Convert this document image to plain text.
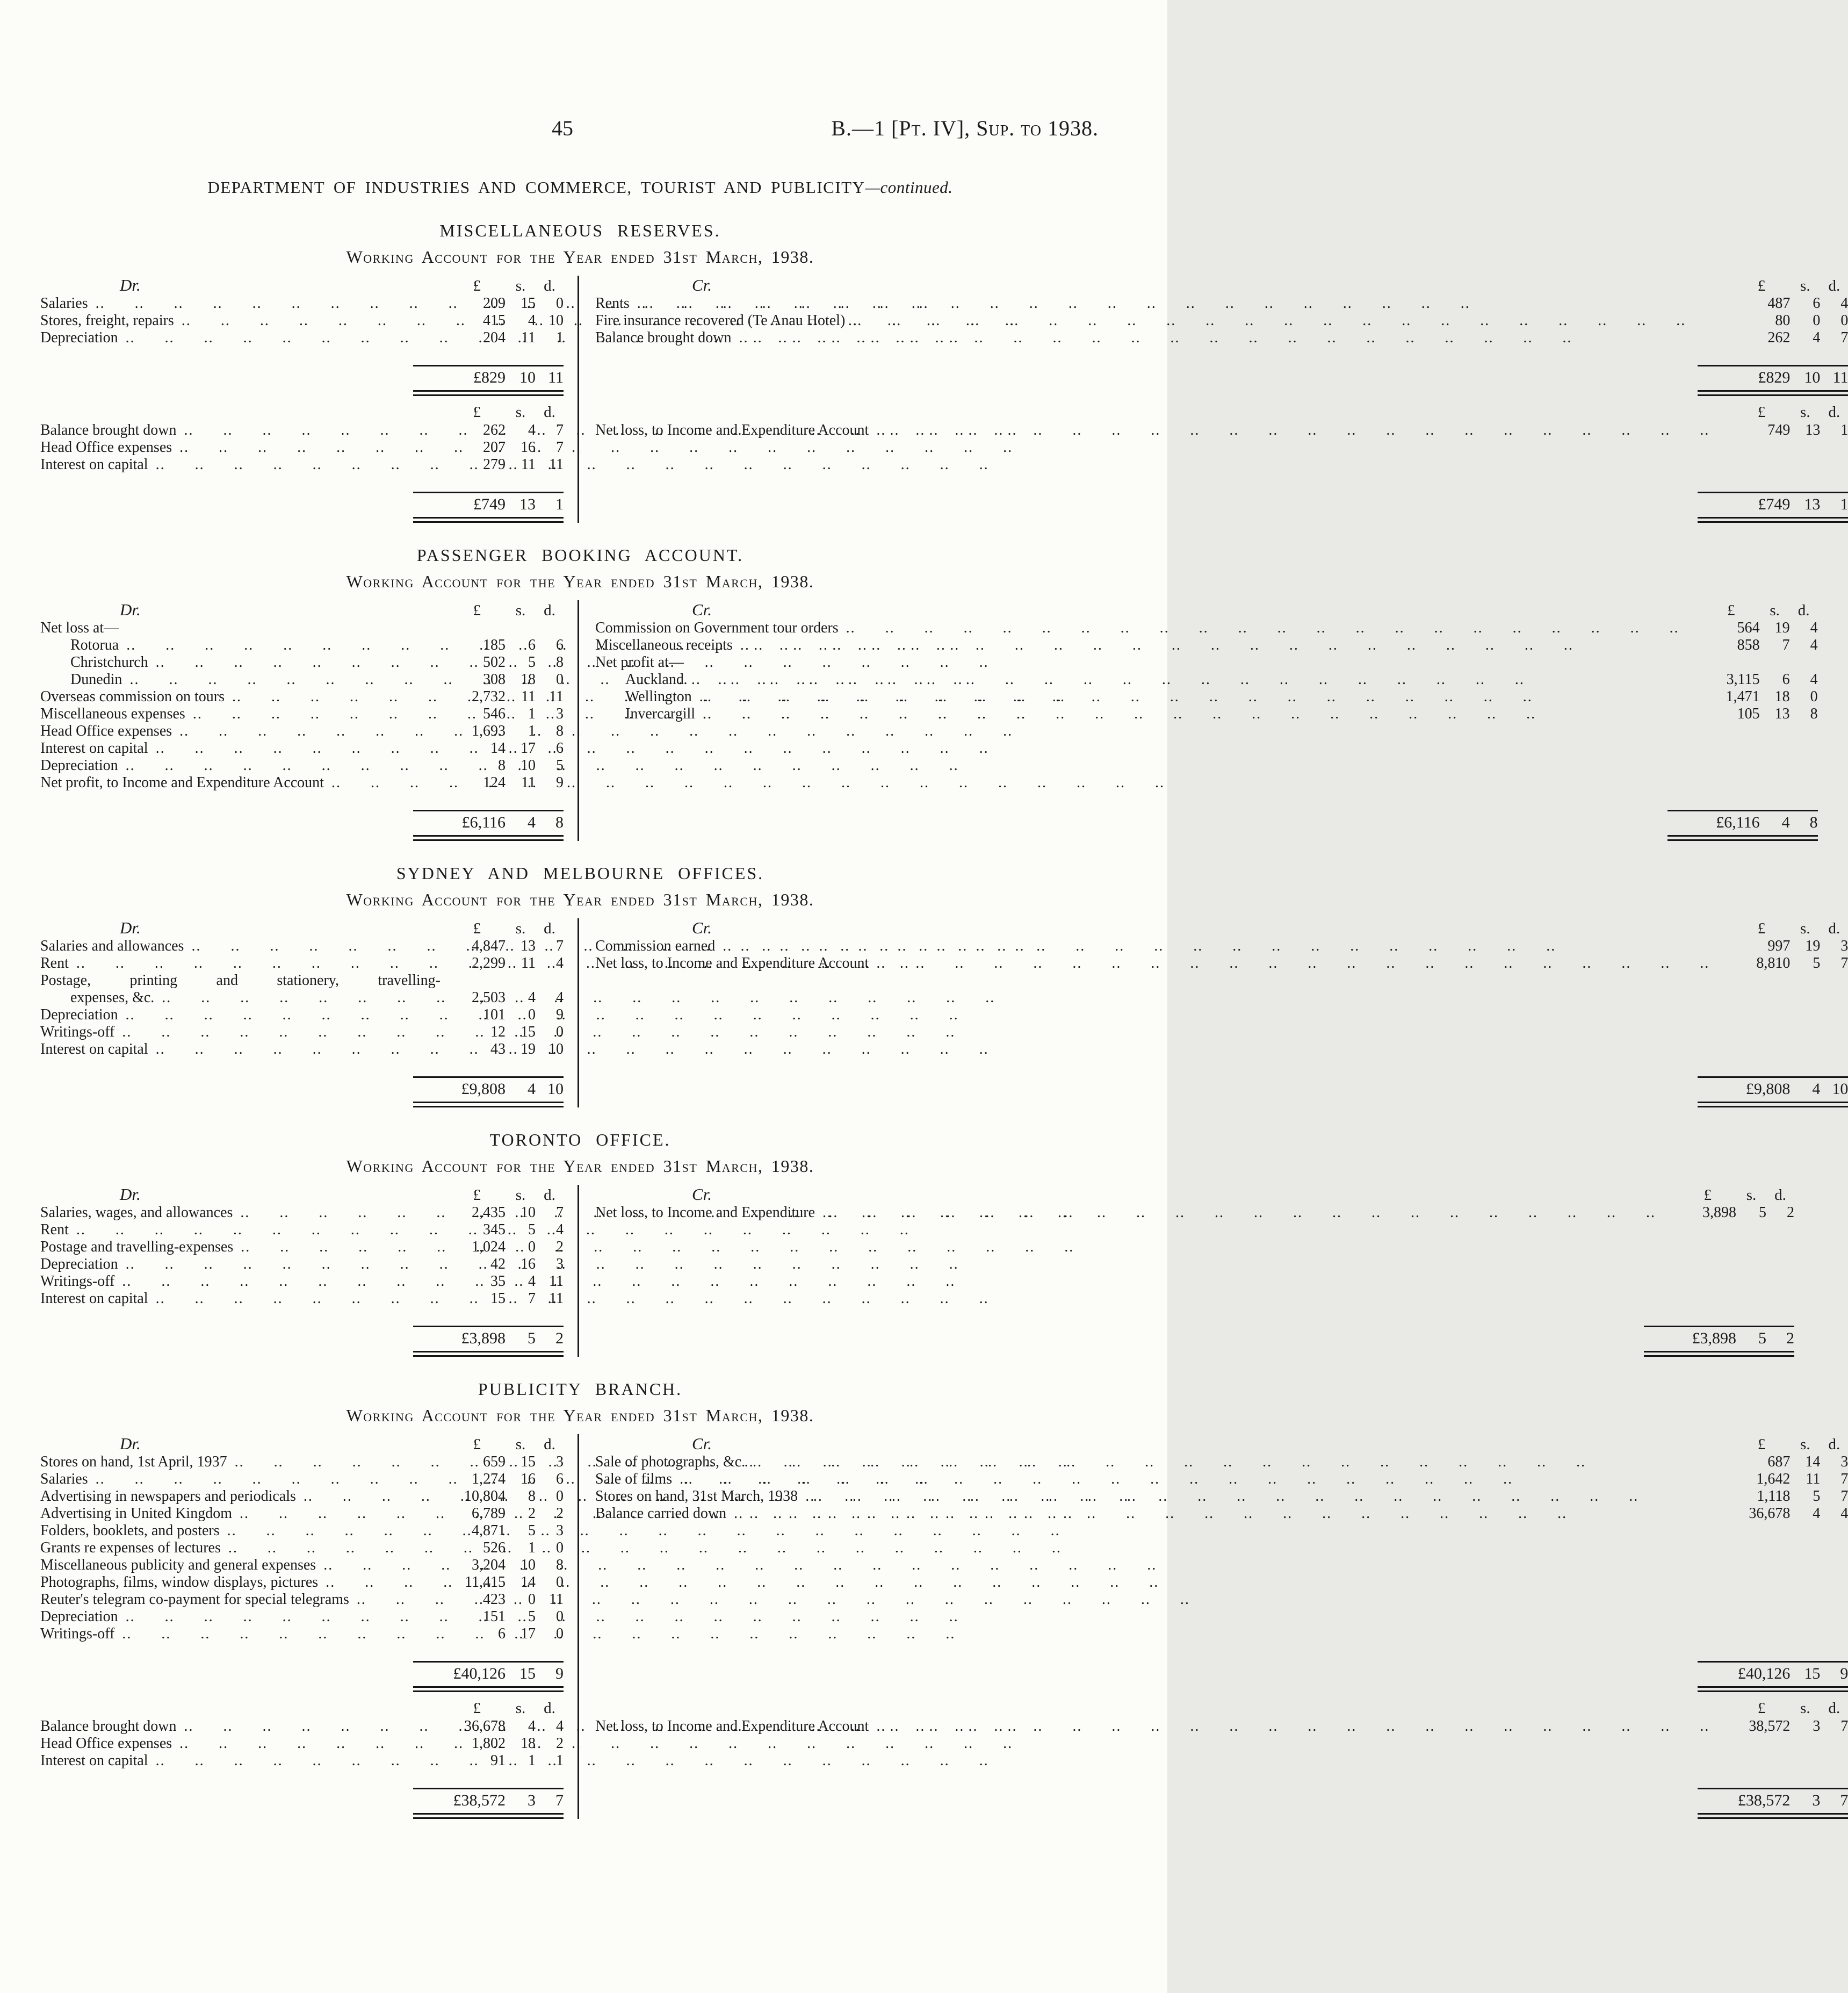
45	B.—1 [Pt. IV], Sup. to 1938.
DEPARTMENT OF INDUSTRIES AND COMMERCE, TOURIST AND PUBLICITY—continued.
MISCELLANEOUS RESERVES.
Working Account for the Year ended 31st March, 1938.
Dr.	£	s.	d.
Salaries .. ..	209	15	0
Stores, freight, repairs .. ..	415	4 10
Depreciation .. ..	204	11	1
£829 10 11
£	s.	d.
Balance brought down .. ..	262	4	7
Head Office expenses .. ..	207	16	7
Interest on capital .. ..	279	11 11
£749 13	1
Cr.	£	s.	d.
Rents .. ..	487	6	4
Fire insurance recovered (Te Anau Hotel) .. ..	80	0	0
Balance brought down .. ..	262	4	7
£829 10 11
£	s.	d.
Net loss, to Income and Expenditure Account .. ..	749	13	1
£749 13	1
PASSENGER BOOKING ACCOUNT.
Working Account for the Year ended 31st March, 1938.
Dr.	£	s.	d.
Net loss at—
Rotorua .. ..	185	6	6
Christchurch .. ..	502	5	8
Dunedin .. ..	308	18	0
Overseas commission on tours .. ..	2,732	11 11
Miscellaneous expenses .. ..	546	1	3
Head Office expenses .. ..	1,693	1	8
Interest on capital .. ..	14	17	6
Depreciation .. ..	8	10	5
Net profit, to Income and Expenditure Account .. ..	124	11	9
£6,116	4	8
Cr.	£	s.	d.
Commission on Government tour orders .. ..	564	19	4
Miscellaneous receipts .. ..	858	7	4
Net profit at—
Auckland .. ..	3,115	6	4
Wellington .. ..	1,471	18	0
Invercargill .. ..	105	13	8
£6,116	4	8
SYDNEY AND MELBOURNE OFFICES.
Working Account for the Year ended 31st March, 1938.
Dr.	£	s.	d.
Salaries and allowances .. ..	4,847	13	7
Rent .. ..	2,299	11	4
Postage, printing and stationery, travelling-
expenses, &c. .. ..	2,503	4	4
Depreciation .. ..	101	0	9
Writings-off .. ..	12	15	0
Interest on capital .. ..	43	19 10
£9,808	4 10
Cr.	£	s.	d.
Commission earned .. ..	997	19	3
Net loss, to Income and Expenditure Account .. ..	8,810	5	7
£9,808	4 10
TORONTO OFFICE.
Working Account for the Year ended 31st March, 1938.
Dr.	£	s.	d.
Salaries, wages, and allowances .. ..	2,435	10	7
Rent .. ..	345	5	4
Postage and travelling-expenses .. ..	1,024	0	2
Depreciation .. ..	42	16	3
Writings-off .. ..	35	4 11
Interest on capital .. ..	15	7 11
£3,898	5	2
Cr.	£	s.	d.
Net loss, to Income and Expenditure .. ..	3,898	5	2
£3,898	5	2
PUBLICITY BRANCH.
Working Account for the Year ended 31st March, 1938.
Dr.	£	s.	d.
Stores on hand, 1st April, 1937 .. ..	659	15	3
Salaries .. ..	1,274	16	6
Advertising in newspapers and periodicals .. ..	10,804	8	0
Advertising in United Kingdom .. ..	6,789	2	2
Folders, booklets, and posters .. ..	4,871	5	3
Grants re expenses of lectures .. ..	526	1	0
Miscellaneous publicity and general expenses .. ..	3,204	10	8
Photographs, films, window displays, pictures .. ..	11,415	14	0
Reuter's telegram co-payment for special telegrams .. ..	423	0 11
Depreciation .. ..	151	5	0
Writings-off .. ..	6	17	0
£40,126 15	9
£	s.	d.
Balance brought down .. ..	36,678	4	4
Head Office expenses .. ..	1,802	18	2
Interest on capital .. ..	91	1	1
£38,572	3	7
Cr.	£	s.	d.
Sale of photographs, &c. .. ..	687	14	3
Sale of films .. ..	1,642	11	7
Stores on hand, 31st March, 1938 .. ..	1,118	5	7
Balance carried down .. ..	36,678	4	4
£40,126 15	9
£	s.	d.
Net loss, to Income and Expenditure Account .. ..	38,572	3	7
£38,572	3	7
